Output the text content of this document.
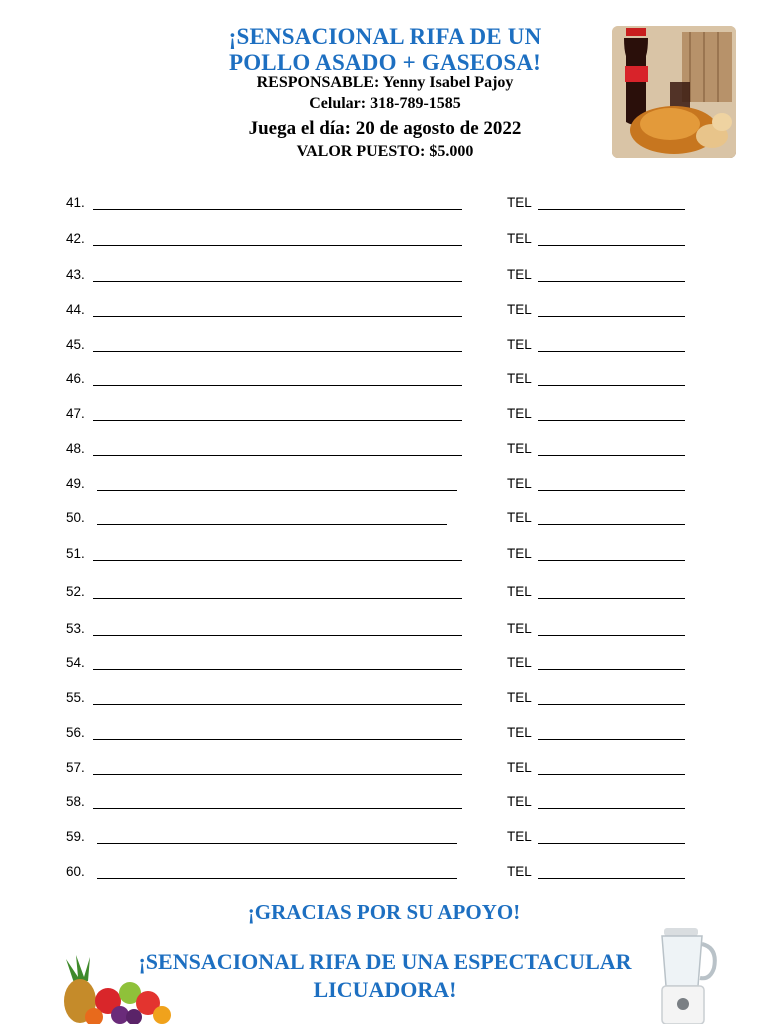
¡SENSACIONAL RIFA DE UN
POLLO ASADO + GASEOSA!
RESPONSABLE: Yenny Isabel Pajoy
Celular: 318-789-1585
Juega el día: 20 de agosto de 2022
VALOR PUESTO: $5.000
41.	TEL
42.	TEL
43.	TEL
44.	TEL
45.	TEL
46.	TEL
47.	TEL
48.	TEL
49.	TEL
50.	TEL
51.	TEL
52.	TEL
53.	TEL
54.	TEL
55.	TEL
56.	TEL
57.	TEL
58.	TEL
59.	TEL
60.	TEL
¡GRACIAS POR SU APOYO!
¡SENSACIONAL RIFA DE UNA ESPECTACULAR
LICUADORA!
